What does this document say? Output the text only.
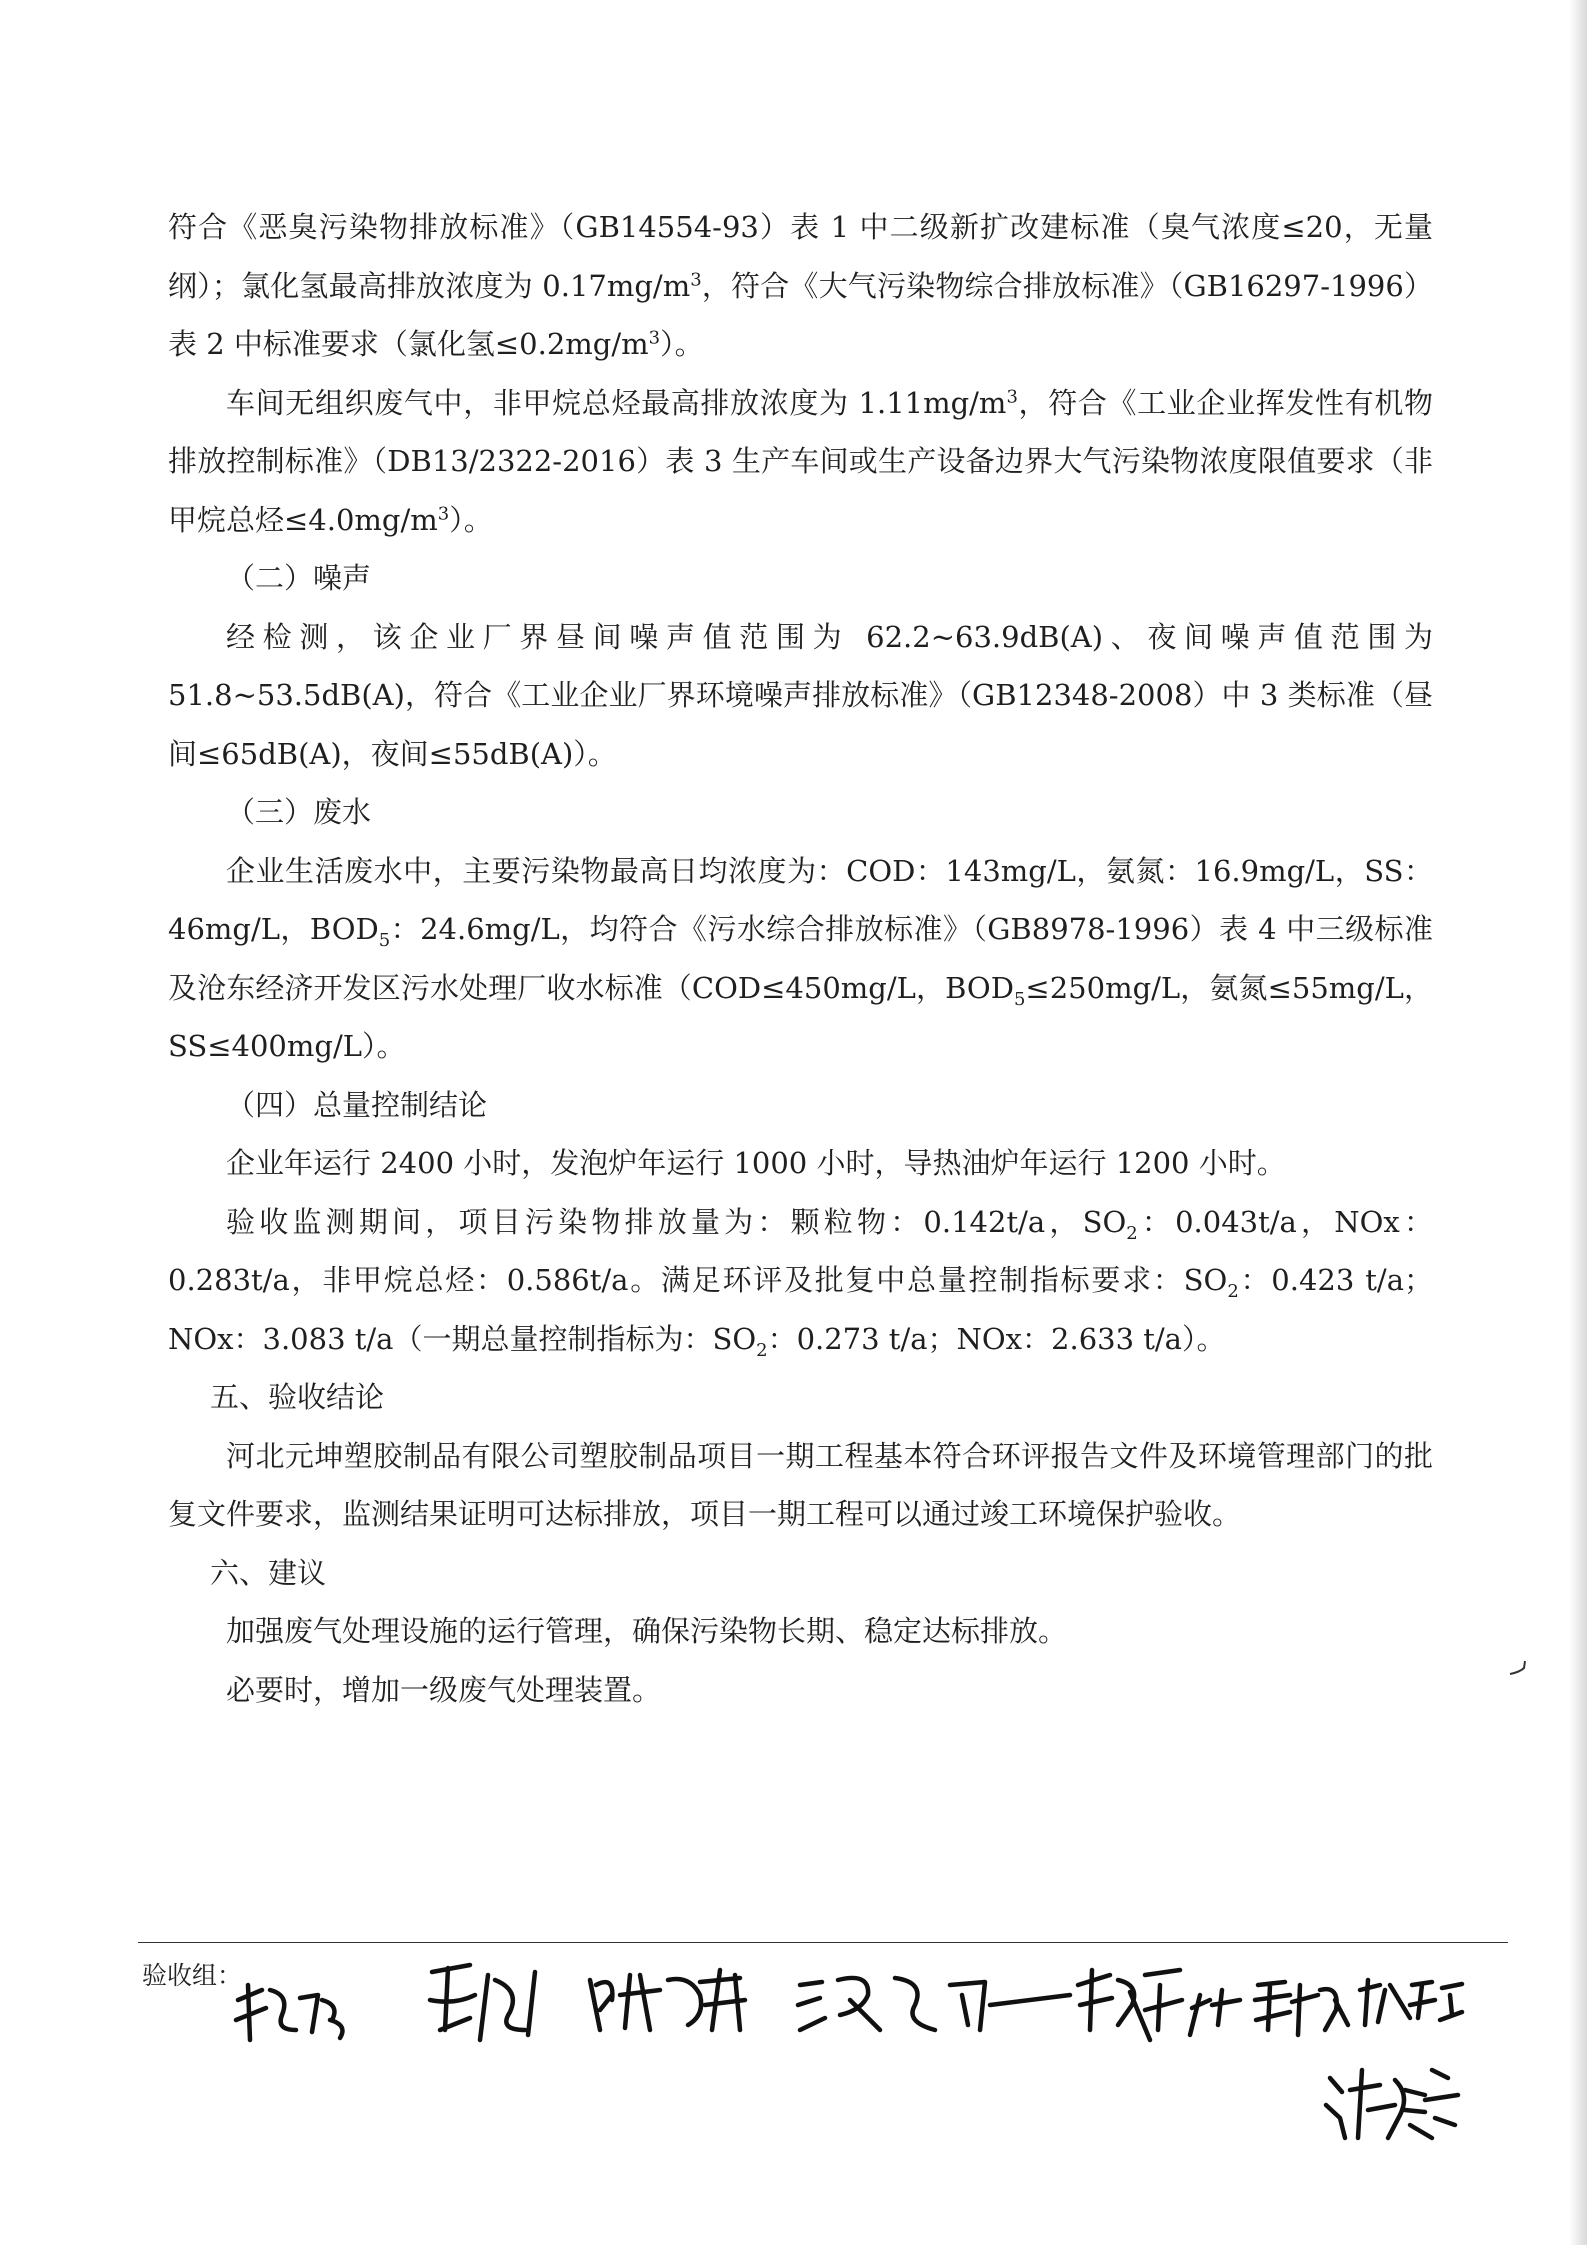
符合《恶臭污染物排放标准》（GB14554-93）表 1 中二级新扩改建标准（臭气浓度≤20，无量纲）；氯化氢最高排放浓度为 $0.17mg/m^3$，符合《大气污染物综合排放标准》（GB16297-1996）表 2 中标准要求（氯化氢$\le 0.2mg/m^3$）。

车间无组织废气中，非甲烷总烃最高排放浓度为 $1.11mg/m^3$，符合《工业企业挥发性有机物排放控制标准》（DB13/2322-2016）表 3 生产车间或生产设备边界大气污染物浓度限值要求（非甲烷总烃$\le 4.0mg/m^3$）。

（二）噪声

经检测，该企业厂界昼间噪声值范围为 62.2~63.9dB(A)、夜间噪声值范围为 51.8~53.5dB(A)，符合《工业企业厂界环境噪声排放标准》（GB12348-2008）中 3 类标准（昼间≤65dB(A)，夜间≤55dB(A)）。

（三）废水

企业生活废水中，主要污染物最高日均浓度为：COD：143mg/L，氨氮：16.9mg/L，SS：46mg/L，$BOD_5$：24.6mg/L，均符合《污水综合排放标准》（GB8978-1996）表 4 中三级标准及沧东经济开发区污水处理厂收水标准（COD≤450mg/L，$BOD_5\le 250mg/L$，氨氮≤55mg/L，SS≤400mg/L）。

（四）总量控制结论

企业年运行 2400 小时，发泡炉年运行 1000 小时，导热油炉年运行 1200 小时。

验收监测期间，项目污染物排放量为：颗粒物：0.142t/a，$SO_2$：0.043t/a，NOx：0.283t/a，非甲烷总烃：0.586t/a。满足环评及批复中总量控制指标要求：$SO_2$：0.423 t/a；NOx：3.083 t/a（一期总量控制指标为：$SO_2$：0.273 t/a；NOx：2.633 t/a）。

五、验收结论

河北元坤塑胶制品有限公司塑胶制品项目一期工程基本符合环评报告文件及环境管理部门的批复文件要求，监测结果证明可达标排放，项目一期工程可以通过竣工环境保护验收。

六、建议

加强废气处理设施的运行管理，确保污染物长期、稳定达标排放。

必要时，增加一级废气处理装置。

验收组：
